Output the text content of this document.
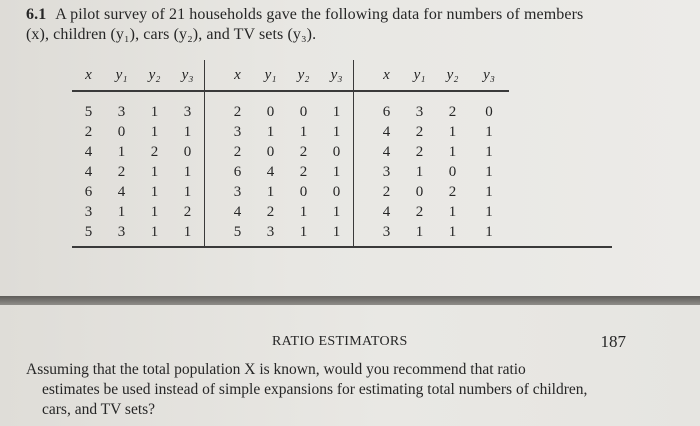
6.1 A pilot survey of 21 households gave the following data for numbers of members
(x), children (y₁), cars (y₂), and TV sets (y₃).
x	y₁	y₂	y₃	x	y₁	y₂	y₃	x	y₁	y₂	y₃
5	3	1	3	2	0	0	1	6	3	2	0
2	0	1	1	3	1	1	1	4	2	1	1
4	1	2	0	2	0	2	0	4	2	1	1
4	2	1	1	6	4	2	1	3	1	0	1
6	4	1	1	3	1	0	0	2	0	2	1
3	1	1	2	4	2	1	1	4	2	1	1
5	3	1	1	5	3	1	1	3	1	1	1
RATIO ESTIMATORS	187
Assuming that the total population X is known, would you recommend that ratio
estimates be used instead of simple expansions for estimating total numbers of children,
cars, and TV sets?
